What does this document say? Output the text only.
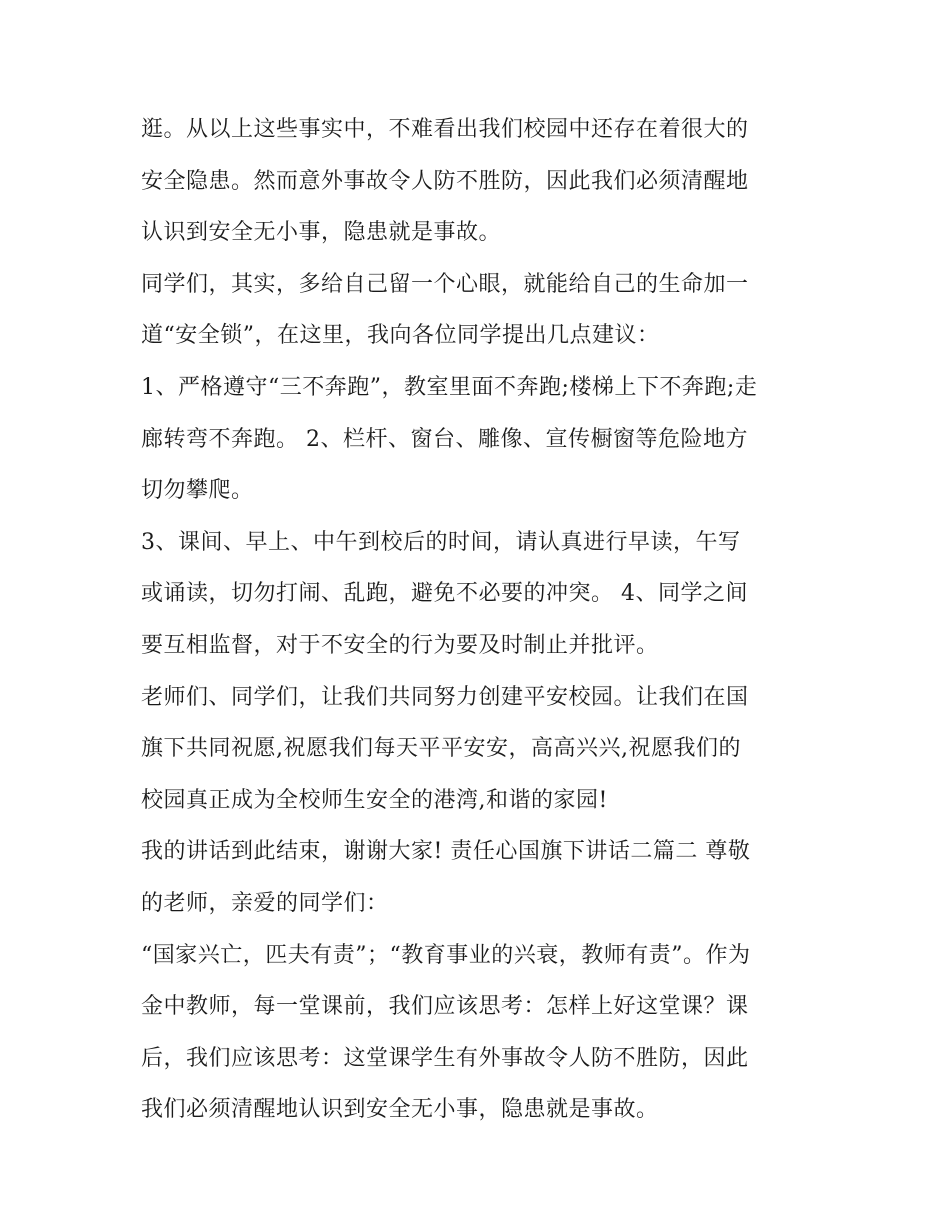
逛。从以上这些事实中，不难看出我们校园中还存在着很大的
安全隐患。然而意外事故令人防不胜防，因此我们必须清醒地
认识到安全无小事，隐患就是事故。
同学们，其实，多给自己留一个心眼，就能给自己的生命加一
道“安全锁”，在这里，我向各位同学提出几点建议：
1、严格遵守“三不奔跑”，教室里面不奔跑;楼梯上下不奔跑;走
廊转弯不奔跑。 2、栏杆、窗台、雕像、宣传橱窗等危险地方
切勿攀爬。
3、课间、早上、中午到校后的时间，请认真进行早读，午写
或诵读，切勿打闹、乱跑，避免不必要的冲突。 4、同学之间
要互相监督，对于不安全的行为要及时制止并批评。
老师们、同学们，让我们共同努力创建平安校园。让我们在国
旗下共同祝愿,祝愿我们每天平平安安，高高兴兴,祝愿我们的
校园真正成为全校师生安全的港湾,和谐的家园!
我的讲话到此结束，谢谢大家! 责任心国旗下讲话二篇二 尊敬
的老师，亲爱的同学们：
“国家兴亡，匹夫有责”；“教育事业的兴衰，教师有责”。作为
金中教师，每一堂课前，我们应该思考：怎样上好这堂课？课
后，我们应该思考：这堂课学生有外事故令人防不胜防，因此
我们必须清醒地认识到安全无小事，隐患就是事故。
